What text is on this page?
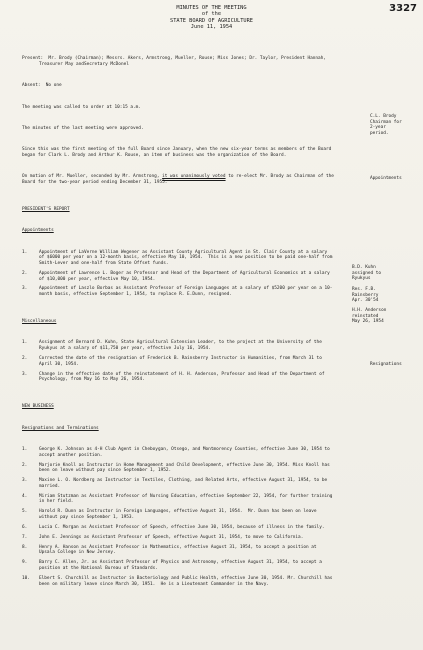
3327
MINUTES OF THE MEETING
of the
STATE BOARD OF AGRICULTURE
June 11, 1954

Present:  Mr. Brody (Chairman); Messrs. Akers, Armstrong, Mueller, Rouse; Miss Jones; Dr. Taylor, President Hannah, Treasurer May andSecretary McDonel

Absent:  No one

The meeting was called to order at 10:15 a.m.

The minutes of the last meeting were approved.

Since this was the first meeting of the full Board since January, when the new six-year terms as members of the Board began for Clark L. Brody and Arthur K. Rouse, an item of business was the organization of the Board.

On motion of Mr. Mueller, seconded by Mr. Armstrong, it was unanimously voted to re-elect Mr. Brody as Chairman of the Board for the two-year period ending December 31, 1955.

PRESIDENT'S REPORT

Appointments

1.	Appointment of LaVerne William Wegener as Assistant County Agricultural Agent in St. Clair County at a salary of $6000 per year on a 12-month basis, effective May 10, 1954.  This is a new position to be paid one-half from Smith-Lever and one-half from State Offset funds.

2.	Appointment of Lawrence L. Boger as Professor and Head of the Department of Agricultural Economics at a salary of $10,000 per year, effective May 10, 1954.

3.	Appointment of Laszlo Borbas as Assistant Professor of Foreign Languages at a salary of $5200 per year on a 10-month basis, effective September 1, 1954, to replace R. E.Dunn, resigned.

Miscellaneous

1.	Assignment of Bernard D. Kuhn, State Agricultural Extension Leader, to the project at the University of the Ryukyus at a salary of $11,750 per year, effective July 16, 1954.

2.	Corrected the date of the resignation of Frederick B. Rainsberry Instructor in Humanities, from March 31 to April 30, 1954.

3.	Change in the effective date of the reinstatement of H. H. Anderson, Professor and Head of the Department of Psychology, from May 16 to May 26, 1954.

NEW BUSINESS

Resignations and Terminations

1.	George K. Johnson as 4-H Club Agent in Cheboygan, Otsego, and Montmorency Counties, effective June 30, 1954 to accept another position.

2.	Marjorie Knoll as Instructor in Home Management and Child Development, effective June 30, 1954. Miss Knoll has been on leave without pay since September 1, 1952.

3.	Maxine L. O. Nordberg as Instructor in Textiles, Clothing, and Related Arts, effective August 31, 1954, to be married.

4.	Miriam Stutzman as Assistant Professor of Nursing Education, effective September 22, 1954, for further training in her field.

5.	Harold R. Dunn as Instructor in Foreign Languages, effective August 31, 1954.  Mr. Dunn has been on leave without pay since September 1, 1953.

6.	Lucia C. Morgan as Assistant Professor of Speech, effective June 30, 1954, because of illness in the family.

7.	John E. Jennings as Assistant Professor of Speech, effective August 31, 1954, to move to California.

8.	Henry A. Hanson as Assistant Professor in Mathematics, effective August 31, 1954, to accept a position at Upsala College in New Jersey.

9.	Barry C. Allen, Jr. as Assistant Professor of Physics and Astronomy, effective August 31, 1954, to accept a position at the National Bureau of Standards.

10. Elbert S. Churchill as Instructor in Bacteriology and Public Health, effective June 30, 1954. Mr. Churchill has been on military leave since March 30, 1951.  He is a Lieutenant Commander in the Navy.

C.L. Brody
Chairman for
2-year
period.
Appointments
B.D. Kuhn
assigned to
Ryukyus
Res. F.B.
Rainsberry
Apr. 30'54
H.H. Anderson
reinstated
May 26, 1954
Resignations
